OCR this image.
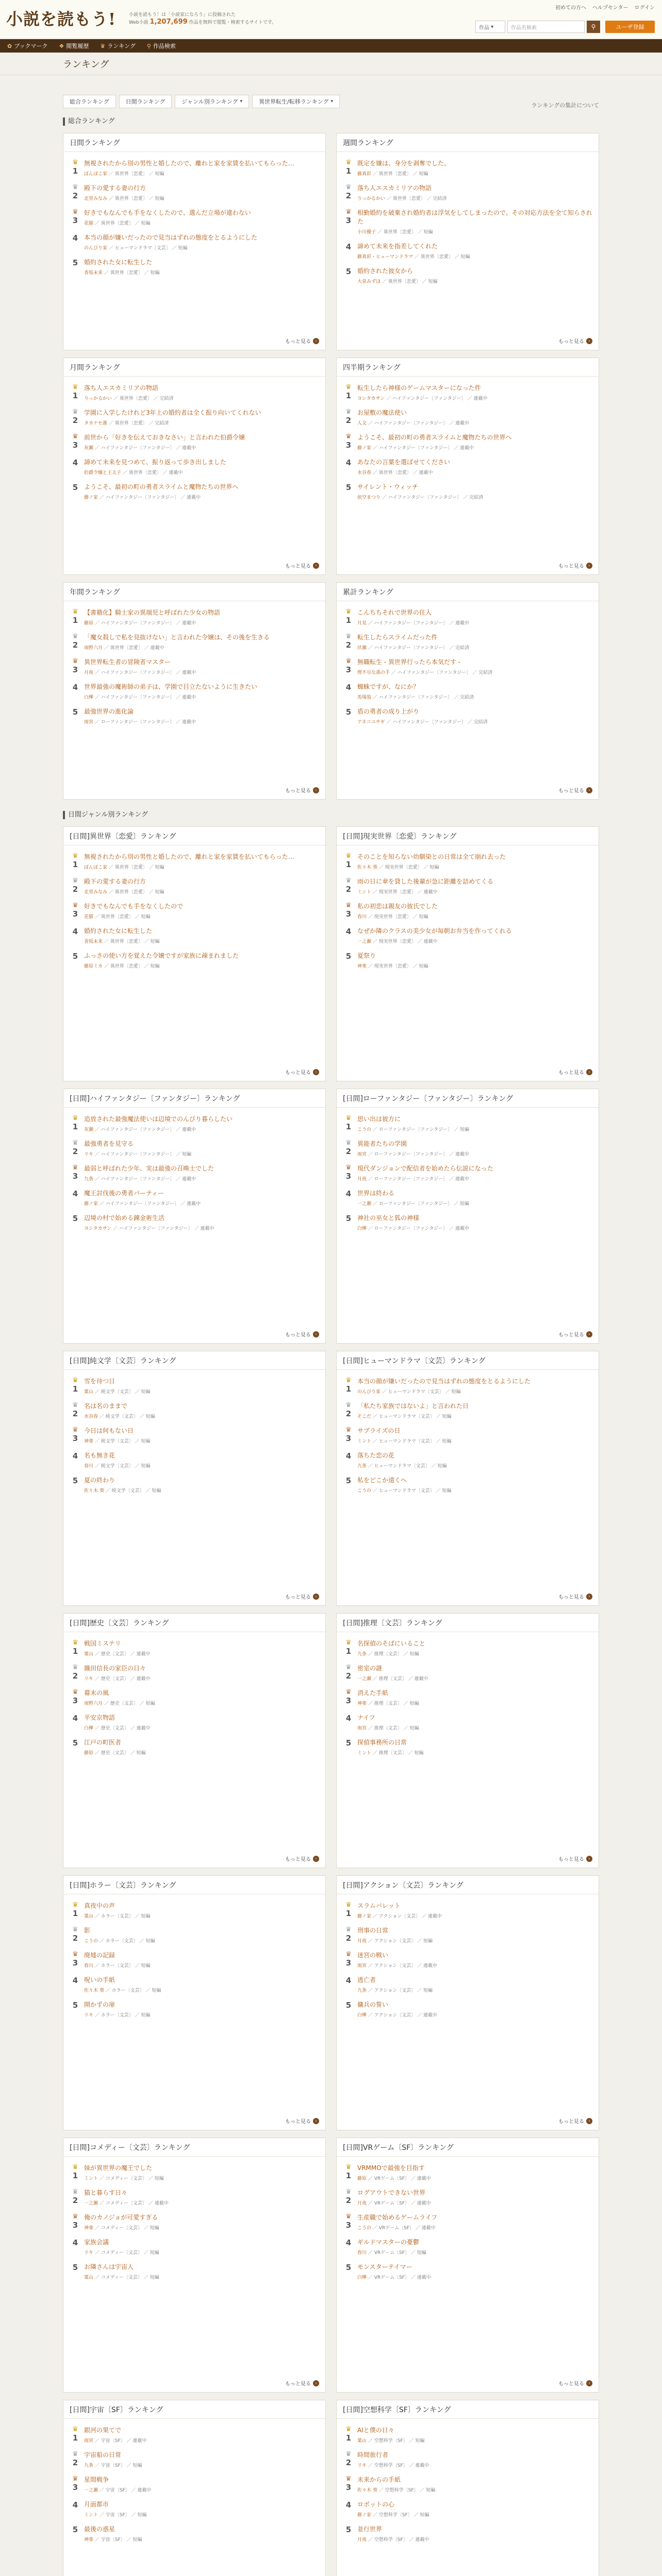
小説を読もう!	小説を読もう！は「小説家になろう」に投稿された
Web小説 1,207,699 作品を無料で閲覧・検索するサイトです。
初めての方へ ヘルプセンター ログイン
作品 ▾	作品名検索	⚲	ユーザ登録
✿ ブックマーク ❖ 閲覧履歴 ♛ ランキング ⚲ 作品検索
ランキング
ランキングの集計について
総合ランキング	日間ランキング	ジャンル別ランキング ▾	異世界転生/転移ランキング ▾
総合ランキング
日間ランキング
♛
1
無視されたから別の男性と婚したので、離れと家を家賃を払いてもらった…
ぽんぽこ家 ／ 異世界〔恋愛〕 ／ 短編
♛
2
殿下の愛する妻の行方
北里みなみ ／ 異世界〔恋愛〕 ／ 短編
♛
3
好きでもなんでも手をなくしたので、選んだ立場が違わない
花猫 ／ 異世界〔恋愛〕 ／ 短編
4 本当の顔が嫌いだったので見当はずれの態度をとるようにした
のんびり家 ／ ヒューマンドラマ〔文芸〕 ／ 短編
5 婚約された女に転生した
香坂未来 ／ 異世界〔恋愛〕 ／ 短編
もっと見る	›
週間ランキング
♛
1
既定を嫌は、身分を剥奪でした。
藤真彩 ／ 異世界〔恋愛〕 ／ 短編
♛
2
落ち人エスカミリアの物語
りっかるかい ／ 異世界〔恋愛〕 ／ 完結済
♛
3
相勤婚約を破棄され婚約者は浮気をしてしまったので、その対応方法を全て知らされた
小川優子 ／ 異世界〔恋愛〕 ／ 短編
4 諦めて未来を指差してくれた
藤真彩・ヒューマンドラマ ／ 異世界〔恋愛〕 ／ 短編
5 婚約された彼女から
大泉みずほ ／ 異世界〔恋愛〕 ／ 短編
もっと見る	›
月間ランキング
♛
1
落ち人エスカミリアの物語
りっかるかい ／ 異世界〔恋愛〕 ／ 完結済
♛
2
学園に入学したけれど3年上の婚約者は全く振り向いてくれない
タカナセ蓮 ／ 異世界〔恋愛〕 ／ 完結済
♛
3
前世から「好きを伝えておきなさい」と言われた伯爵令嬢
灰瀬 ／ ハイファンタジー〔ファンタジー〕 ／ 連載中
4 諦めて未来を見つめて、振り返って歩き出しました
伯爵令嬢と王太子 ／ 異世界〔恋愛〕 ／ 連載中
5 ようこそ、最初の町の勇者スライムと魔物たちの世界へ
藤ノ家 ／ ハイファンタジー〔ファンタジー〕 ／ 連載中
もっと見る	›
四半期ランキング
♛
1
転生したら神様のゲームマスターになった件
ヨシタカサン ／ ハイファンタジー〔ファンタジー〕 ／ 連載中
♛
2
お屋敷の魔法使い
人文 ／ ハイファンタジー〔ファンタジー〕 ／ 連載中
♛
3
ようこそ、最初の町の勇者スライムと魔物たちの世界へ
藤ノ家 ／ ハイファンタジー〔ファンタジー〕 ／ 連載中
4 あなたの言葉を選ばせてください
水谷春 ／ 異世界〔恋愛〕 ／ 連載中
5 サイレント・ウィッチ
依空まつり ／ ハイファンタジー〔ファンタジー〕 ／ 完結済
もっと見る	›
年間ランキング
♛
1
【書籍化】騎士家の異端児と呼ばれた少女の物語
藤原 ／ ハイファンタジー〔ファンタジー〕 ／ 連載中
♛
2
「魔女殺しで私を見抜けない」と言われた令嬢は、その後を生きる
雨野六月 ／ 異世界〔恋愛〕 ／ 連載中
♛
3
異世界転生者の冒険者マスター
月夜 ／ ハイファンタジー〔ファンタジー〕 ／ 連載中
4 世界最強の魔術師の弟子は、学園で目立たないように生きたい
白樺 ／ ハイファンタジー〔ファンタジー〕 ／ 連載中
5 最強世界の進化論
雨宮 ／ ローファンタジー〔ファンタジー〕 ／ 連載中
もっと見る	›
累計ランキング
♛
1
こんちちそれで世界の住人
月見 ／ ハイファンタジー〔ファンタジー〕 ／ 連載中
♛
2
転生したらスライムだった件
伏瀬 ／ ハイファンタジー〔ファンタジー〕 ／ 完結済
♛
3
無職転生 - 異世界行ったら本気だす -
理不尽な孫の手 ／ ハイファンタジー〔ファンタジー〕 ／ 完結済
4 蜘蛛ですが、なにか？
馬場翁 ／ ハイファンタジー〔ファンタジー〕 ／ 完結済
5 盾の勇者の成り上がり
アネコユサギ ／ ハイファンタジー〔ファンタジー〕 ／ 完結済
もっと見る	›
日間ジャンル別ランキング
[日間]異世界〔恋愛〕ランキング
♛
1
無視されたから別の男性と婚したので、離れと家を家賃を払いてもらった…
ぽんぽこ家 ／ 異世界〔恋愛〕 ／ 短編
♛
2
殿下の愛する妻の行方
北里みなみ ／ 異世界〔恋愛〕 ／ 短編
♛
3
好きでもなんでも手をなくしたので
花猫 ／ 異世界〔恋愛〕 ／ 短編
4 婚約された女に転生した
香坂未来 ／ 異世界〔恋愛〕 ／ 短編
5 ふっさの使い方を覚えた令嬢ですが家族に疎まれました
藤原ミカ ／ 異世界〔恋愛〕 ／ 短編
もっと見る	›
[日間]現実世界〔恋愛〕ランキング
♛
1
そのことを知らない幼馴染との日常は全て崩れ去った
佐々木 葵 ／ 現実世界〔恋愛〕 ／ 短編
♛
2
雨の日に傘を貸した後輩が急に距離を詰めてくる
ミント ／ 現実世界〔恋愛〕 ／ 連載中
♛
3
私の初恋は親友の彼氏でした
春川 ／ 現実世界〔恋愛〕 ／ 短編
4 なぜか隣のクラスの美少女が毎朝お弁当を作ってくれる
一之瀬 ／ 現実世界〔恋愛〕 ／ 連載中
5 夏祭り
神楽 ／ 現実世界〔恋愛〕 ／ 短編
もっと見る	›
[日間]ハイファンタジー〔ファンタジー〕ランキング
♛
1
追放された最強魔法使いは辺境でのんびり暮らしたい
灰瀬 ／ ハイファンタジー〔ファンタジー〕 ／ 連載中
♛
2
最強勇者を見守る
リキ ／ ハイファンタジー〔ファンタジー〕 ／ 短編
♛
3
最弱と呼ばれた少年、実は最強の召喚士でした
九条 ／ ハイファンタジー〔ファンタジー〕 ／ 連載中
4 魔王討伐後の勇者パーティー
藤ノ家 ／ ハイファンタジー〔ファンタジー〕 ／ 連載中
5 辺境の村で始める錬金術生活
ヨシタカサン ／ ハイファンタジー〔ファンタジー〕 ／ 連載中
もっと見る	›
[日間]ローファンタジー〔ファンタジー〕ランキング
♛
1
思い出は彼方に
こうの ／ ローファンタジー〔ファンタジー〕 ／ 短編
♛
2
異能者たちの学園
雨宮 ／ ローファンタジー〔ファンタジー〕 ／ 連載中
♛
3
現代ダンジョンで配信者を始めたら伝説になった
月夜 ／ ローファンタジー〔ファンタジー〕 ／ 連載中
4 世界は終わる
一之瀬 ／ ローファンタジー〔ファンタジー〕 ／ 短編
5 神社の巫女と狐の神様
白樺 ／ ローファンタジー〔ファンタジー〕 ／ 連載中
もっと見る	›
[日間]純文学〔文芸〕ランキング
♛
1
雪を待つ日
葉山 ／ 純文学〔文芸〕 ／ 短編
♛
2
名は名のままで
水谷春 ／ 純文学〔文芸〕 ／ 短編
♛
3
今日は何もない日
神楽 ／ 純文学〔文芸〕 ／ 短編
4 名も無き花
春川 ／ 純文学〔文芸〕 ／ 短編
5 夏の終わり
佐々木 葵 ／ 純文学〔文芸〕 ／ 短編
もっと見る	›
[日間]ヒューマンドラマ〔文芸〕ランキング
♛
1
本当の顔が嫌いだったので見当はずれの態度をとるようにした
のんびり家 ／ ヒューマンドラマ〔文芸〕 ／ 短編
♛
2
「私たち家族ではないよ」と言われた日
そこだ ／ ヒューマンドラマ〔文芸〕 ／ 短編
♛
3
サプライズの日
ミント ／ ヒューマンドラマ〔文芸〕 ／ 短編
4 落ちた恋の花
九条 ／ ヒューマンドラマ〔文芸〕 ／ 短編
5 私をどこか遠くへ
こうの ／ ヒューマンドラマ〔文芸〕 ／ 短編
もっと見る	›
[日間]歴史〔文芸〕ランキング
♛
1
戦国ミステリ
葉山 ／ 歴史〔文芸〕 ／ 連載中
♛
2
織田信長の家臣の日々
リキ ／ 歴史〔文芸〕 ／ 連載中
♛
3
幕末の風
雨野六月 ／ 歴史〔文芸〕 ／ 短編
4 平安京物語
白樺 ／ 歴史〔文芸〕 ／ 連載中
5 江戸の町医者
藤原 ／ 歴史〔文芸〕 ／ 短編
もっと見る	›
[日間]推理〔文芸〕ランキング
♛
1
名探偵のそばにいること
九条 ／ 推理〔文芸〕 ／ 短編
♛
2
密室の謎
一之瀬 ／ 推理〔文芸〕 ／ 連載中
♛
3
消えた手紙
神楽 ／ 推理〔文芸〕 ／ 短編
4 ナイフ
雨宮 ／ 推理〔文芸〕 ／ 短編
5 探偵事務所の日常
ミント ／ 推理〔文芸〕 ／ 短編
もっと見る	›
[日間]ホラー〔文芸〕ランキング
♛
1
真夜中の声
葉山 ／ ホラー〔文芸〕 ／ 短編
♛
2
影
こうの ／ ホラー〔文芸〕 ／ 短編
♛
3
廃墟の記録
春川 ／ ホラー〔文芸〕 ／ 短編
4 呪いの手紙
佐々木 葵 ／ ホラー〔文芸〕 ／ 短編
5 開かずの扉
リキ ／ ホラー〔文芸〕 ／ 短編
もっと見る	›
[日間]アクション〔文芸〕ランキング
♛
1
スラムバレット
藤ノ家 ／ アクション〔文芸〕 ／ 連載中
♛
2
刑事の日常
月夜 ／ アクション〔文芸〕 ／ 短編
♛
3
迷宮の戦い
雨宮 ／ アクション〔文芸〕 ／ 連載中
4 逃亡者
九条 ／ アクション〔文芸〕 ／ 短編
5 傭兵の誓い
白樺 ／ アクション〔文芸〕 ／ 連載中
もっと見る	›
[日間]コメディー〔文芸〕ランキング
♛
1
妹が異世界の魔王でした
ミント ／ コメディー〔文芸〕 ／ 短編
♛
2
猫と暮らす日々
一之瀬 ／ コメディー〔文芸〕 ／ 連載中
♛
3
俺のカノジョが可愛すぎる
神楽 ／ コメディー〔文芸〕 ／ 短編
4 家族会議
リキ ／ コメディー〔文芸〕 ／ 短編
5 お隣さんは宇宙人
葉山 ／ コメディー〔文芸〕 ／ 短編
もっと見る	›
[日間]VRゲーム〔SF〕ランキング
♛
1
VRMMOで最強を目指す
藤原 ／ VRゲーム〔SF〕 ／ 連載中
♛
2
ログアウトできない世界
月夜 ／ VRゲーム〔SF〕 ／ 連載中
♛
3
生産職で始めるゲームライフ
こうの ／ VRゲーム〔SF〕 ／ 連載中
4 ギルドマスターの憂鬱
春川 ／ VRゲーム〔SF〕 ／ 短編
5 モンスターテイマー
白樺 ／ VRゲーム〔SF〕 ／ 連載中
もっと見る	›
[日間]宇宙〔SF〕ランキング
♛
1
銀河の果てで
雨宮 ／ 宇宙〔SF〕 ／ 連載中
♛
2
宇宙船の日常
九条 ／ 宇宙〔SF〕 ／ 短編
♛
3
星間戦争
一之瀬 ／ 宇宙〔SF〕 ／ 連載中
4 月面都市
ミント ／ 宇宙〔SF〕 ／ 短編
5 最後の惑星
神楽 ／ 宇宙〔SF〕 ／ 短編
[日間]空想科学〔SF〕ランキング
♛
1
AIと僕の日々
葉山 ／ 空想科学〔SF〕 ／ 短編
♛
2
時間旅行者
リキ ／ 空想科学〔SF〕 ／ 連載中
♛
3
未来からの手紙
佐々木 葵 ／ 空想科学〔SF〕 ／ 短編
4 ロボットの心
藤ノ家 ／ 空想科学〔SF〕 ／ 短編
5 並行世界
月夜 ／ 空想科学〔SF〕 ／ 連載中
